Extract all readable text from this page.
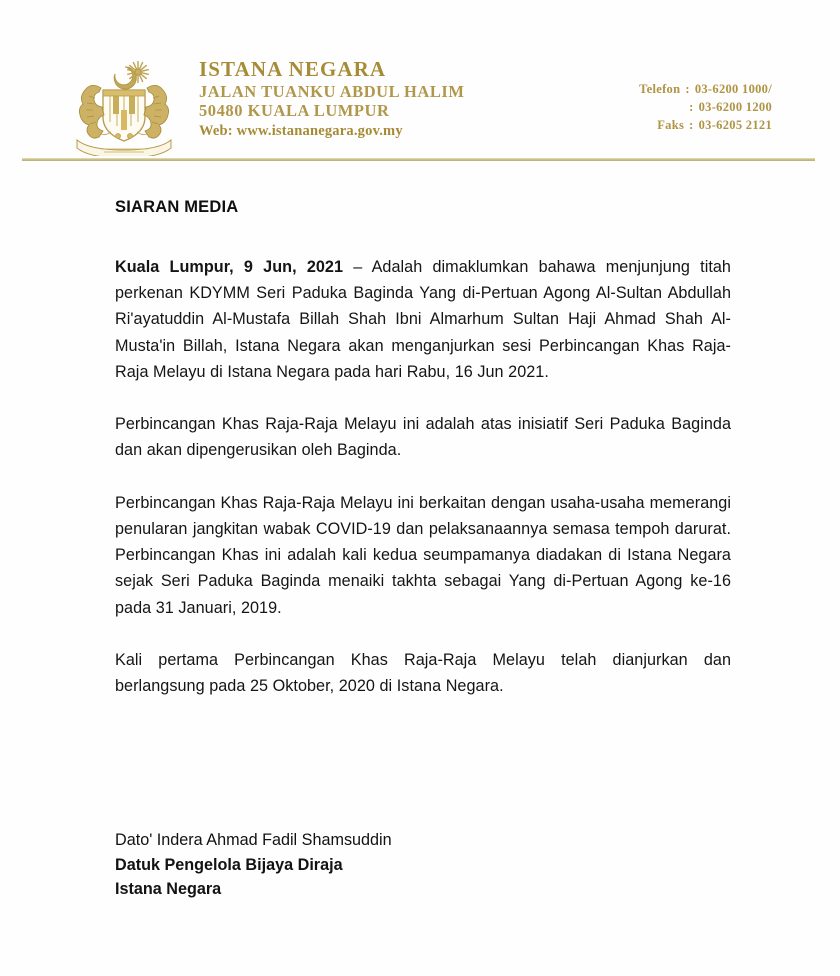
ISTANA NEGARA
JALAN TUANKU ABDUL HALIM
50480 KUALA LUMPUR
Web: www.istananegara.gov.my
Telefon : 03-6200 1000/
: 03-6200 1200
Faks : 03-6205 2121
SIARAN MEDIA

Kuala Lumpur, 9 Jun, 2021 – Adalah dimaklumkan bahawa menjunjung titah perkenan KDYMM Seri Paduka Baginda Yang di-Pertuan Agong Al-Sultan Abdullah Ri'ayatuddin Al-Mustafa Billah Shah Ibni Almarhum Sultan Haji Ahmad Shah Al-Musta'in Billah, Istana Negara akan menganjurkan sesi Perbincangan Khas Raja-Raja Melayu di Istana Negara pada hari Rabu, 16 Jun 2021.

Perbincangan Khas Raja-Raja Melayu ini adalah atas inisiatif Seri Paduka Baginda dan akan dipengerusikan oleh Baginda.

Perbincangan Khas Raja-Raja Melayu ini berkaitan dengan usaha-usaha memerangi penularan jangkitan wabak COVID-19 dan pelaksanaannya semasa tempoh darurat. Perbincangan Khas ini adalah kali kedua seumpamanya diadakan di Istana Negara sejak Seri Paduka Baginda menaiki takhta sebagai Yang di-Pertuan Agong ke-16 pada 31 Januari, 2019.

Kali pertama Perbincangan Khas Raja-Raja Melayu telah dianjurkan dan berlangsung pada 25 Oktober, 2020 di Istana Negara.

Dato' Indera Ahmad Fadil Shamsuddin
Datuk Pengelola Bijaya Diraja
Istana Negara
